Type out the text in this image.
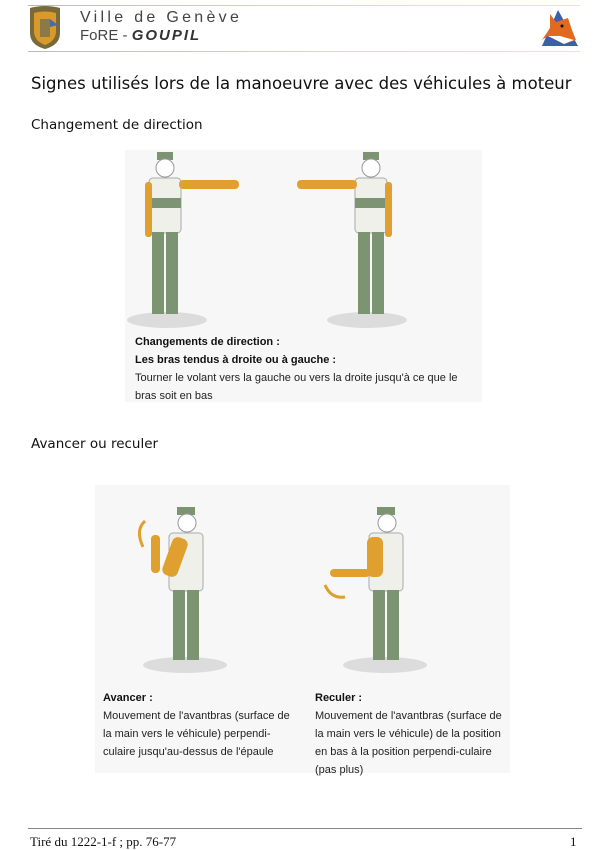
Ville de Genève
FoRE - GOUPIL
Signes utilisés lors de la manoeuvre avec des véhicules à moteur
Changement de direction
Changements de direction :
Les bras tendus à droite ou à gauche :
Tourner le volant vers la gauche ou vers la droite jusqu'à ce que le bras soit en bas
Avancer ou reculer
Avancer :
Mouvement de l'avantbras (surface de la main vers le véhicule) perpendi-culaire jusqu'au-dessus de l'épaule
Reculer :
Mouvement de l'avantbras (surface de la main vers le véhicule) de la position en bas à la position perpendi-culaire (pas plus)
Tiré du 1222-1-f ; pp. 76-77	1
